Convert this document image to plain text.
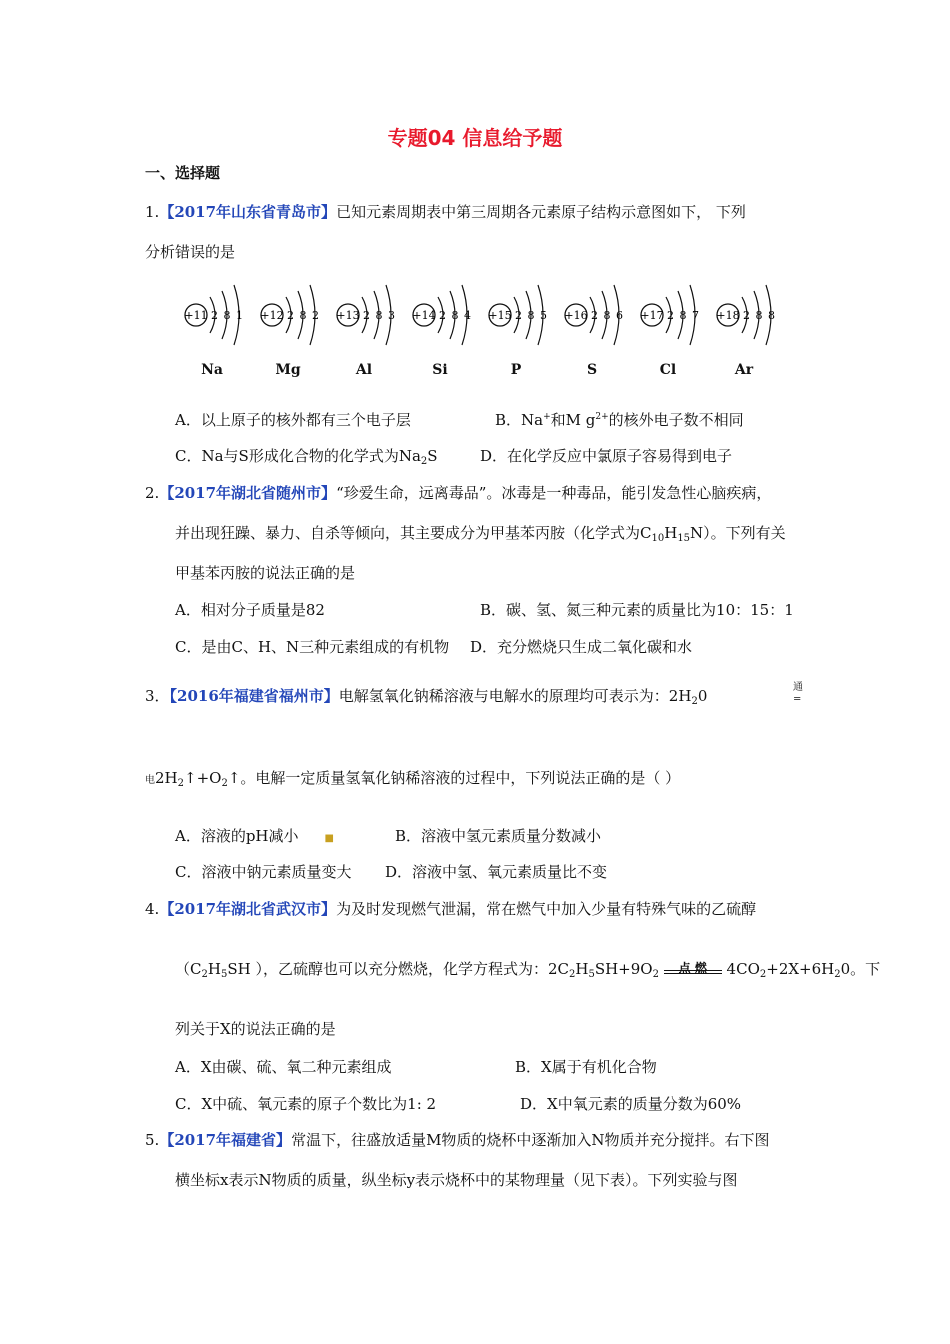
专题04 信息给予题
一、选择题
1.【2017年山东省青岛市】已知元素周期表中第三周期各元素原子结构示意图如下， 下列
分析错误的是
+11 2 8 1
Na
+12 2 8 2
Mg
+13 2 8 3
Al
+14 2 8 4
Si
+15 2 8 5
P
+16 2 8 6
S
+17 2 8 7
Cl
+18 2 8 8
Ar
A．以上原子的核外都有三个电子层	B．Na+和M $g^{2+}$的核外电子数不相同
C．Na与S形成化合物的化学式为$Na_2S$	D．在化学反应中氯原子容易得到电子
2.【2017年湖北省随州市】“珍爱生命，远离毒品”。冰毒是一种毒品，能引发急性心脑疾病，
并出现狂躁、暴力、自杀等倾向，其主要成分为甲基苯丙胺（化学式为$C_{10}H_{15}N$）。下列有关
甲基苯丙胺的说法正确的是
A．相对分子质量是82	B．碳、氢、氮三种元素的质量比为10：15：1
C．是由C、H、N三种元素组成的有机物 D．充分燃烧只生成二氧化碳和水
3．【2016年福建省福州市】电解氢氧化钠稀溶液与电解水的原理均可表示为：$2H_20$	通
=
电$2H_2↑+O_2↑$。电解一定质量氢氧化钠稀溶液的过程中，下列说法正确的是（ ）
A．溶液的pH减小	■	B．溶液中氢元素质量分数减小
C．溶液中钠元素质量变大 D．溶液中氢、氧元素质量比不变
4.【2017年湖北省武汉市】为及时发现燃气泄漏，常在燃气中加入少量有特殊气味的乙硫醇
（$C_2H_5SH$ ），乙硫醇也可以充分燃烧，化学方程式为：$2C_2H_5SH+9O_2$	点 燃	$4CO_2+2X+6H_20$。下
列关于X的说法正确的是
A．X由碳、硫、氧二种元素组成	B．X属于有机化合物
C．X中硫、氧元素的原子个数比为1: 2	D．X中氧元素的质量分数为60%
5.【2017年福建省】常温下，往盛放适量M物质的烧杯中逐渐加入N物质并充分搅拌。右下图
横坐标x表示N物质的质量，纵坐标y表示烧杯中的某物理量（见下表）。下列实验与图
